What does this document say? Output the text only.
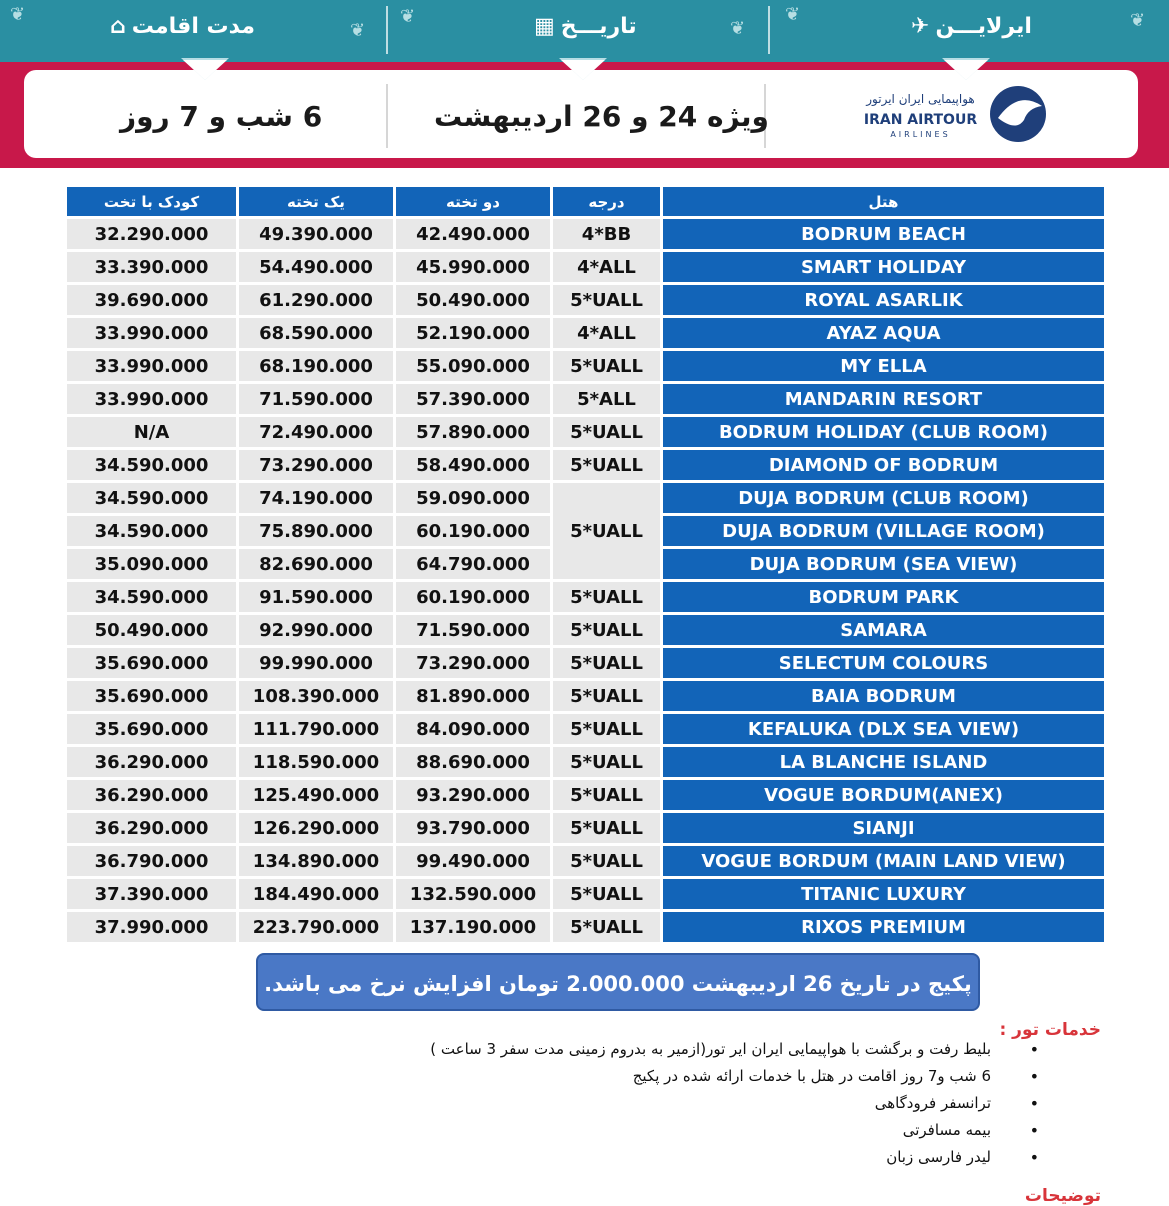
❦
❦
❦
❦
❦	❦
ایرلایـــن✈
تاریـــخ▦
مدت اقامت⌂
هواپیمایی ایران ایرتور
IRAN AIRTOUR
AIRLINES
ویژه 24 و 26 اردیبهشت
6 شب و 7 روز
کودک با تخت	یک تخته	دو تخته	درجه	هتل
32.290.000	49.390.000	42.490.000	4*BB	BODRUM BEACH
33.390.000	54.490.000	45.990.000	4*ALL	SMART HOLIDAY
39.690.000	61.290.000	50.490.000	5*UALL	ROYAL ASARLIK
33.990.000	68.590.000	52.190.000	4*ALL	AYAZ AQUA
33.990.000	68.190.000	55.090.000	5*UALL	MY ELLA
33.990.000	71.590.000	57.390.000	5*ALL	MANDARIN RESORT
N/A	72.490.000	57.890.000	5*UALL	BODRUM HOLIDAY (CLUB ROOM)
34.590.000	73.290.000	58.490.000	5*UALL	DIAMOND OF BODRUM
34.590.000	74.190.000	59.090.000	5*UALL	DUJA BODRUM (CLUB ROOM)
34.590.000	75.890.000	60.190.000		DUJA BODRUM (VILLAGE ROOM)
35.090.000	82.690.000	64.790.000		DUJA BODRUM (SEA VIEW)
34.590.000	91.590.000	60.190.000	5*UALL	BODRUM PARK
50.490.000	92.990.000	71.590.000	5*UALL	SAMARA
35.690.000	99.990.000	73.290.000	5*UALL	SELECTUM COLOURS
35.690.000	108.390.000	81.890.000	5*UALL	BAIA BODRUM
35.690.000	111.790.000	84.090.000	5*UALL	KEFALUKA (DLX SEA VIEW)
36.290.000	118.590.000	88.690.000	5*UALL	LA BLANCHE ISLAND
36.290.000	125.490.000	93.290.000	5*UALL	VOGUE BORDUM(ANEX)
36.290.000	126.290.000	93.790.000	5*UALL	SIANJI
36.790.000	134.890.000	99.490.000	5*UALL	VOGUE BORDUM (MAIN LAND VIEW)
37.390.000	184.490.000	132.590.000	5*UALL	TITANIC LUXURY
37.990.000	223.790.000	137.190.000	5*UALL	RIXOS PREMIUM
پکیج در تاریخ 26 اردیبهشت 2.000.000 تومان افزایش نرخ می باشد.
خدمات تور :
• بلیط رفت و برگشت با هواپیمایی ایران ایر تور(ازمیر به بدروم زمینی مدت سفر 3 ساعت )
• 6 شب و7 روز اقامت در هتل با خدمات ارائه شده در پکیج
• ترانسفر فرودگاهی
• بیمه مسافرتی
• لیدر فارسی زبان
توضیحات
